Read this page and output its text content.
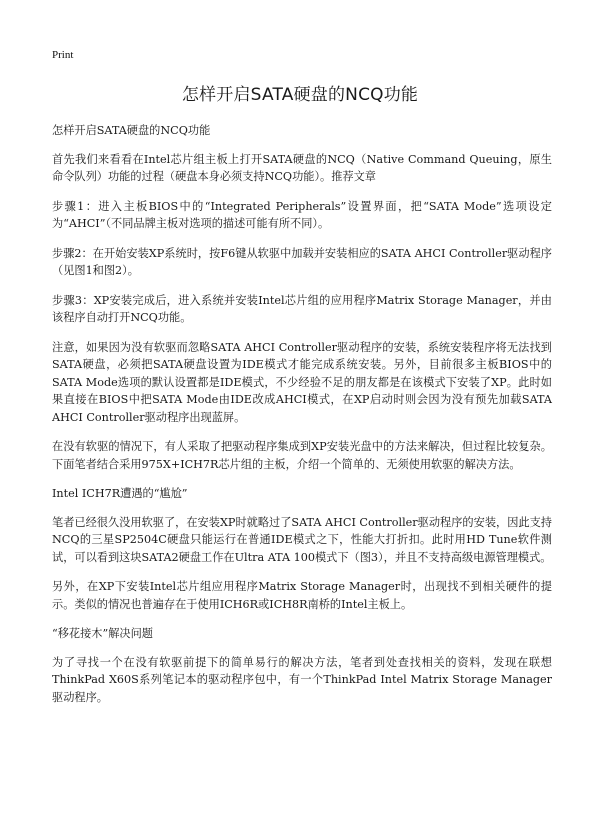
Print
怎样开启SATA硬盘的NCQ功能

怎样开启SATA硬盘的NCQ功能

首先我们来看看在Intel芯片组主板上打开SATA硬盘的NCQ（Native Command Queuing，原生命令队列）功能的过程（硬盘本身必须支持NCQ功能）。推荐文章

步骤1：进入主板BIOS中的“Integrated Peripherals”设置界面，把“SATA Mode”选项设定为“AHCI”（不同品牌主板对选项的描述可能有所不同）。

步骤2：在开始安装XP系统时，按F6键从软驱中加载并安装相应的SATA AHCI Controller驱动程序（见图1和图2）。

步骤3：XP安装完成后，进入系统并安装Intel芯片组的应用程序Matrix Storage Manager，并由该程序自动打开NCQ功能。

注意，如果因为没有软驱而忽略SATA AHCI Controller驱动程序的安装，系统安装程序将无法找到SATA硬盘，必须把SATA硬盘设置为IDE模式才能完成系统安装。另外，目前很多主板BIOS中的SATA Mode选项的默认设置都是IDE模式，不少经验不足的朋友都是在该模式下安装了XP。此时如果直接在BIOS中把SATA Mode由IDE改成AHCI模式，在XP启动时则会因为没有预先加载SATA AHCI Controller驱动程序出现蓝屏。

在没有软驱的情况下，有人采取了把驱动程序集成到XP安装光盘中的方法来解决，但过程比较复杂。下面笔者结合采用975X+ICH7R芯片组的主板，介绍一个简单的、无须使用软驱的解决方法。

Intel ICH7R遭遇的“尴尬”

笔者已经很久没用软驱了，在安装XP时就略过了SATA AHCI Controller驱动程序的安装，因此支持NCQ的三星SP2504C硬盘只能运行在普通IDE模式之下，性能大打折扣。此时用HD Tune软件测试，可以看到这块SATA2硬盘工作在Ultra ATA 100模式下（图3），并且不支持高级电源管理模式。

另外，在XP下安装Intel芯片组应用程序Matrix Storage Manager时，出现找不到相关硬件的提示。类似的情况也普遍存在于使用ICH6R或ICH8R南桥的Intel主板上。

“移花接木”解决问题

为了寻找一个在没有软驱前提下的简单易行的解决方法，笔者到处查找相关的资料，发现在联想ThinkPad X60S系列笔记本的驱动程序包中，有一个ThinkPad Intel Matrix Storage Manager驱动程序。
